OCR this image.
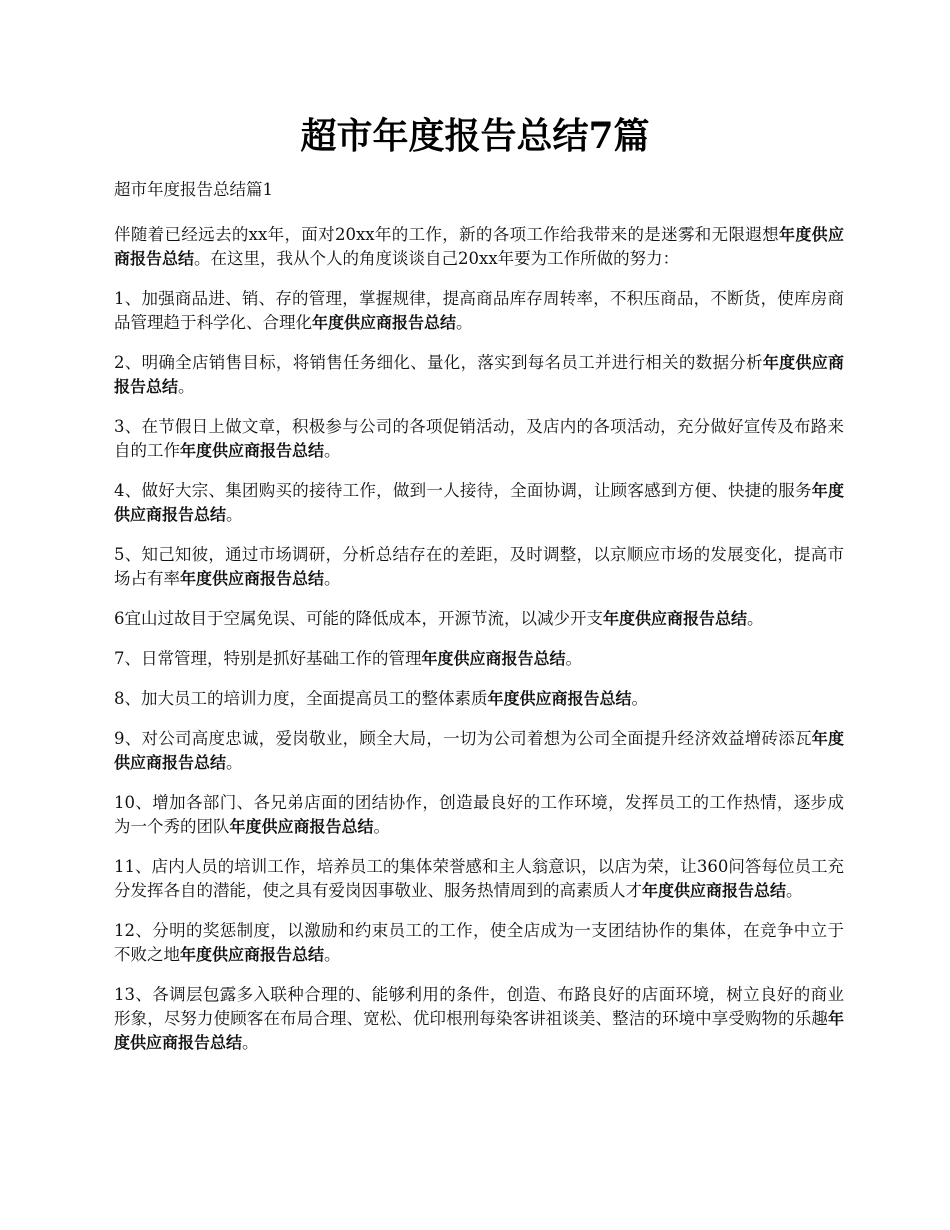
超市年度报告总结7篇

超市年度报告总结篇1

伴随着已经远去的xx年，面对20xx年的工作，新的各项工作给我带来的是迷雾和无限遐想年度供应商报告总结。在这里，我从个人的角度谈谈自己20xx年要为工作所做的努力：

1、加强商品进、销、存的管理，掌握规律，提高商品库存周转率，不积压商品，不断货，使库房商品管理趋于科学化、合理化年度供应商报告总结。

2、明确全店销售目标，将销售任务细化、量化，落实到每名员工并进行相关的数据分析年度供应商报告总结。

3、在节假日上做文章，积极参与公司的各项促销活动，及店内的各项活动，充分做好宣传及布路来自的工作年度供应商报告总结。

4、做好大宗、集团购买的接待工作，做到一人接待，全面协调，让顾客感到方便、快捷的服务年度供应商报告总结。

5、知己知彼，通过市场调研，分析总结存在的差距，及时调整，以京顺应市场的发展变化，提高市场占有率年度供应商报告总结。

6宜山过故目于空属免误、可能的降低成本，开源节流，以减少开支年度供应商报告总结。

7、日常管理，特别是抓好基础工作的管理年度供应商报告总结。

8、加大员工的培训力度，全面提高员工的整体素质年度供应商报告总结。

9、对公司高度忠诚，爱岗敬业，顾全大局，一切为公司着想为公司全面提升经济效益增砖添瓦年度供应商报告总结。

10、增加各部门、各兄弟店面的团结协作，创造最良好的工作环境，发挥员工的工作热情，逐步成为一个秀的团队年度供应商报告总结。

11、店内人员的培训工作，培养员工的集体荣誉感和主人翁意识，以店为荣，让360问答每位员工充分发挥各自的潜能，使之具有爱岗因事敬业、服务热情周到的高素质人才年度供应商报告总结。

12、分明的奖惩制度，以激励和约束员工的工作，使全店成为一支团结协作的集体，在竞争中立于不败之地年度供应商报告总结。

13、各调层包露多入联种合理的、能够利用的条件，创造、布路良好的店面环境，树立良好的商业形象，尽努力使顾客在布局合理、宽松、优印根刑每染客讲祖谈美、整洁的环境中享受购物的乐趣年度供应商报告总结。
